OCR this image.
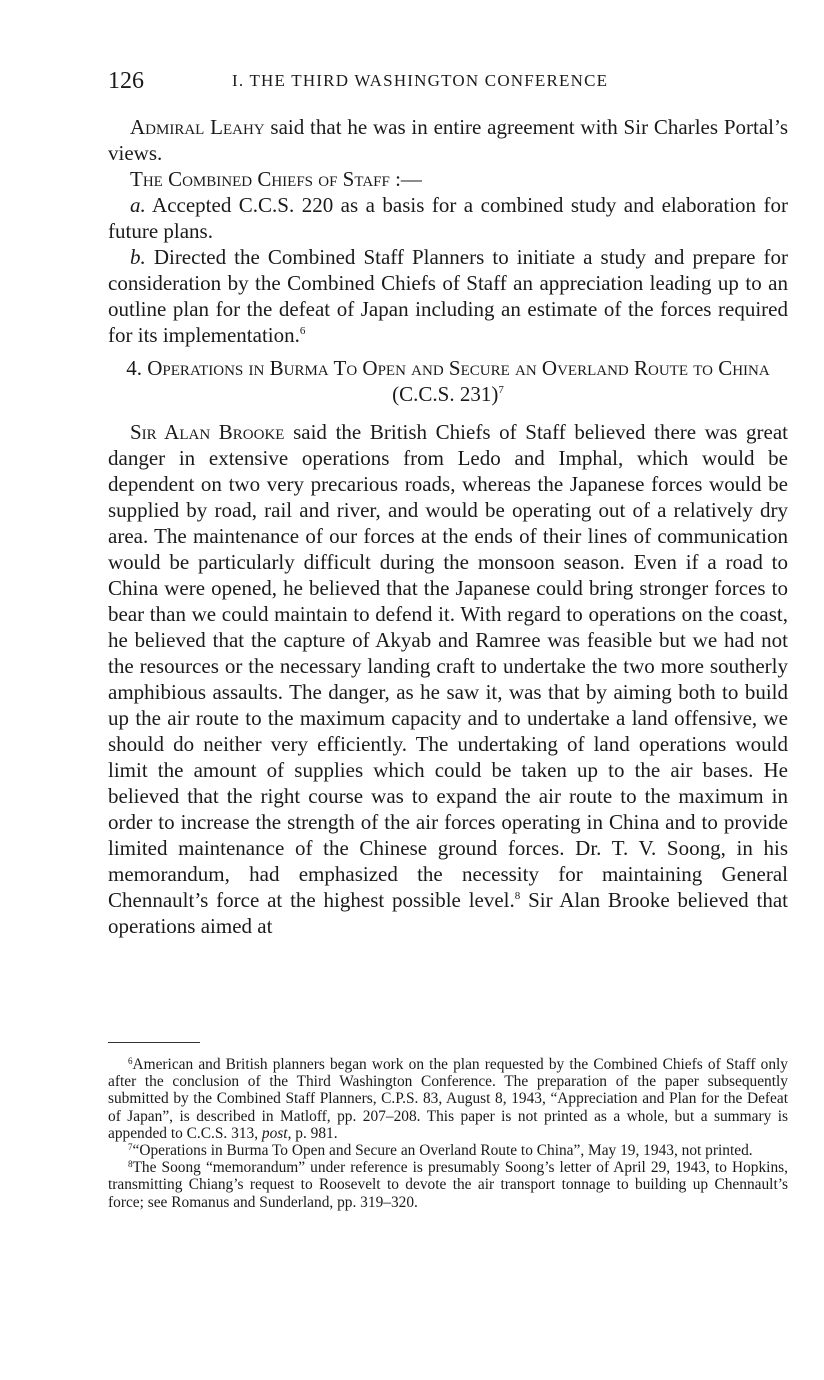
126	I. THE THIRD WASHINGTON CONFERENCE

Admiral Leahy said that he was in entire agreement with Sir Charles Portal’s views.

The Combined Chiefs of Staff :—

a. Accepted C.C.S. 220 as a basis for a combined study and elaboration for future plans.

b. Directed the Combined Staff Planners to initiate a study and prepare for consideration by the Combined Chiefs of Staff an appreciation leading up to an outline plan for the defeat of Japan including an estimate of the forces required for its implementation.$^6$

4. Operations in Burma To Open and Secure an Overland Route to China

(C.C.S. 231)$^7$

Sir Alan Brooke said the British Chiefs of Staff believed there was great danger in extensive operations from Ledo and Imphal, which would be dependent on two very precarious roads, whereas the Japanese forces would be supplied by road, rail and river, and would be operating out of a relatively dry area. The maintenance of our forces at the ends of their lines of communication would be particularly difficult during the monsoon season. Even if a road to China were opened, he believed that the Japanese could bring stronger forces to bear than we could maintain to defend it. With regard to operations on the coast, he believed that the capture of Akyab and Ramree was feasible but we had not the resources or the necessary landing craft to undertake the two more southerly amphibious assaults. The danger, as he saw it, was that by aiming both to build up the air route to the maximum capacity and to undertake a land offensive, we should do neither very efficiently. The undertaking of land operations would limit the amount of supplies which could be taken up to the air bases. He believed that the right course was to expand the air route to the maximum in order to increase the strength of the air forces operating in China and to provide limited maintenance of the Chinese ground forces. Dr. T. V. Soong, in his memorandum, had emphasized the necessity for maintaining General Chennault’s force at the highest possible level.$^8$ Sir Alan Brooke believed that operations aimed at

$^6$American and British planners began work on the plan requested by the Combined Chiefs of Staff only after the conclusion of the Third Washington Conference. The preparation of the paper subsequently submitted by the Combined Staff Planners, C.P.S. 83, August 8, 1943, “Appreciation and Plan for the Defeat of Japan”, is described in Matloff, pp. 207–208. This paper is not printed as a whole, but a summary is appended to C.C.S. 313, post, p. 981.

$^7$“Operations in Burma To Open and Secure an Overland Route to China”, May 19, 1943, not printed.

$^8$The Soong “memorandum” under reference is presumably Soong’s letter of April 29, 1943, to Hopkins, transmitting Chiang’s request to Roosevelt to devote the air transport tonnage to building up Chennault’s force; see Romanus and Sunderland, pp. 319–320.
